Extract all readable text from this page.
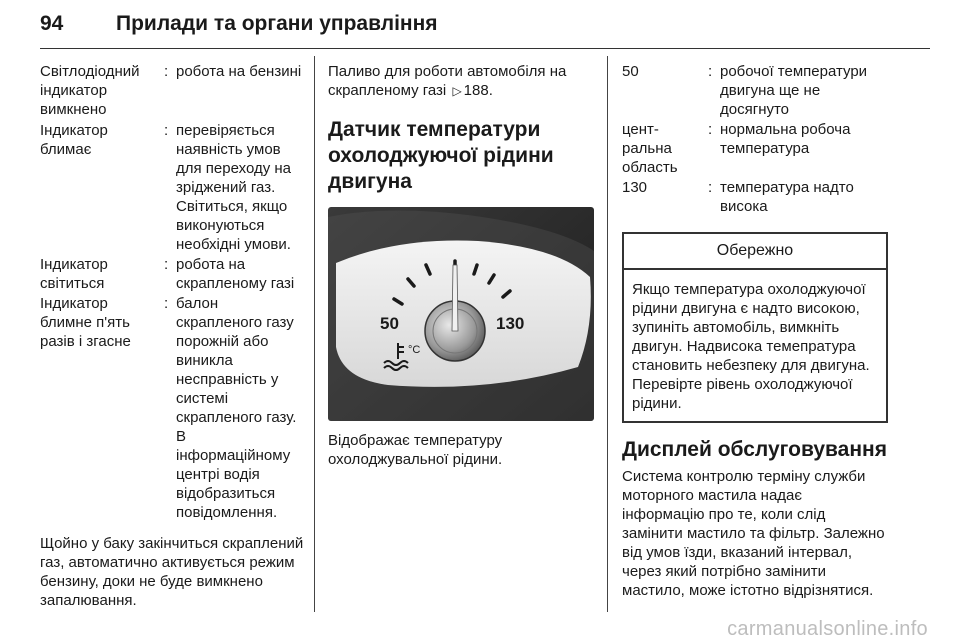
94	Прилади та органи управління
Світлодіодний індикатор вимкнено
: робота на бензині
Індикатор блимає
: перевіряється наявність умов для переходу на зріджений газ. Світиться, якщо виконуються необхідні умови.
Індикатор світиться
: робота на скрапленому газі
Індикатор блимне п'ять разів і згасне
: балон скрапленого газу порожній або виникла несправність у системі скрапленого газу. В інформаційному центрі водія відобразиться повідомлення.

Щойно у баку закінчиться скраплений газ, автоматично активується режим бензину, доки не буде вимкнено запалювання.

Паливо для роботи автомобіля на скрапленому газі ▷ 188.

Датчик температури охолоджуючої рідини двигуна
50	130
°C

Відображає температуру охолоджувальної рідини.

50	: робочої температури двигуна ще не досягнуто
цент-ральна область
: нормальна робоча температура
130	: температура надто висока
Обережно
Якщо температура охолоджуючої рідини двигуна є надто високою, зупиніть автомобіль, вимкніть двигун. Надвисока темепратура становить небезпеку для двигуна. Перевірте рівень охолоджуючої рідини.
Дисплей обслуговування

Система контролю терміну служби моторного мастила надає інформацію про те, коли слід замінити мастило та фільтр. Залежно від умов їзди, вказаний інтервал, через який потрібно замінити мастило, може істотно відрізнятися.

carmanualsonline.info
